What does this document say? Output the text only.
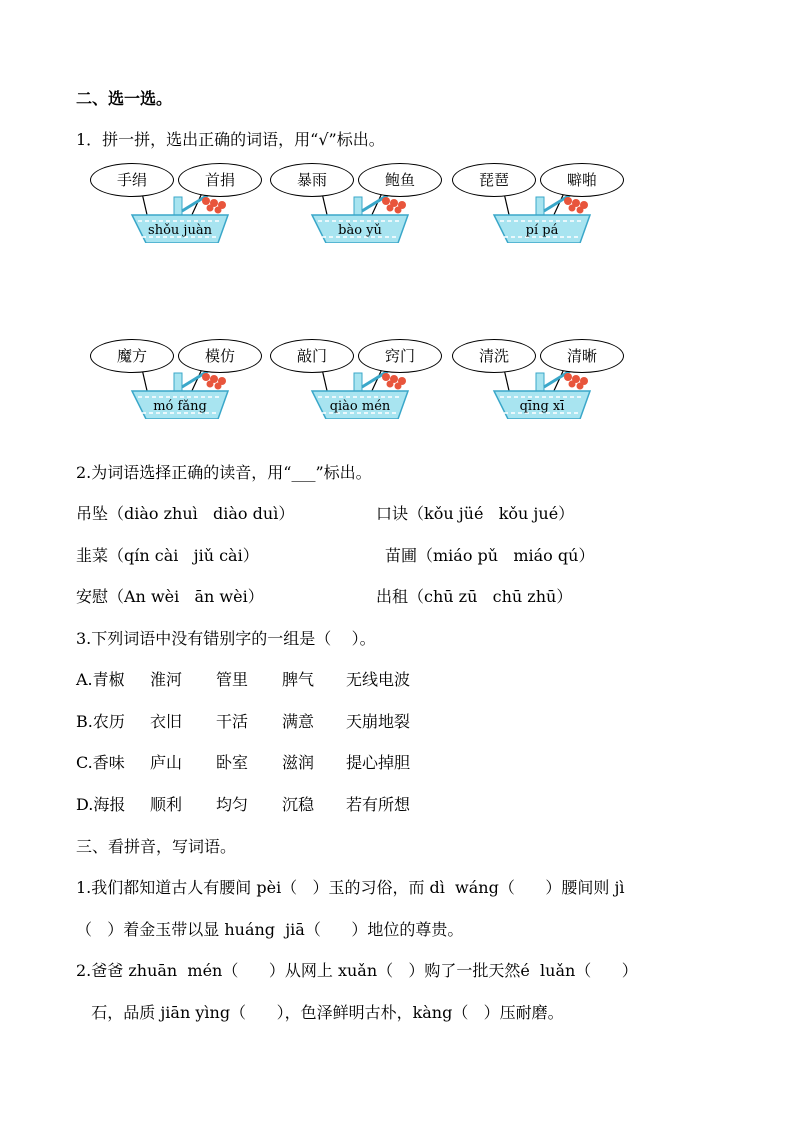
二、选一选。
1．拼一拼，选出正确的词语，用“√”标出。
手绢	首捐
shǒu juàn
暴雨	鲍鱼
bào yǔ
琵琶	噼啪
pí pá
魔方	模仿
mó fǎng
敲门	窍门
qiào mén
清洗	清晰
qīng xī
2.为词语选择正确的读音，用“___”标出。
吊坠（diào zhuì   diào duì）	口诀（kǒu jüé   kǒu jué）
韭菜（qín cài   jiǔ cài）	苗圃（miáo pǔ   miáo qú）
安慰（An wèi   ān wèi）	出租（chū zū   chū zhū）
3.下列词语中没有错别字的一组是（    ）。
A.青椒 淮河 管里 脾气 无线电波
B.农历 衣旧 干活 满意 天崩地裂
C.香味 庐山 卧室 滋润 提心掉胆
D.海报 顺利 均匀 沉稳 若有所想
三、看拼音，写词语。
1.我们都知道古人有腰间 pèi（   ）玉的习俗，而 dì  wáng（      ）腰间则 jì
（   ）着金玉带以显 huáng  jiā（      ）地位的尊贵。
2.爸爸 zhuān  mén（      ）从网上 xuǎn（   ）购了一批天然é  luǎn（      ）
石，品质 jiān yìng（      ），色泽鲜明古朴，kàng（   ）压耐磨。
